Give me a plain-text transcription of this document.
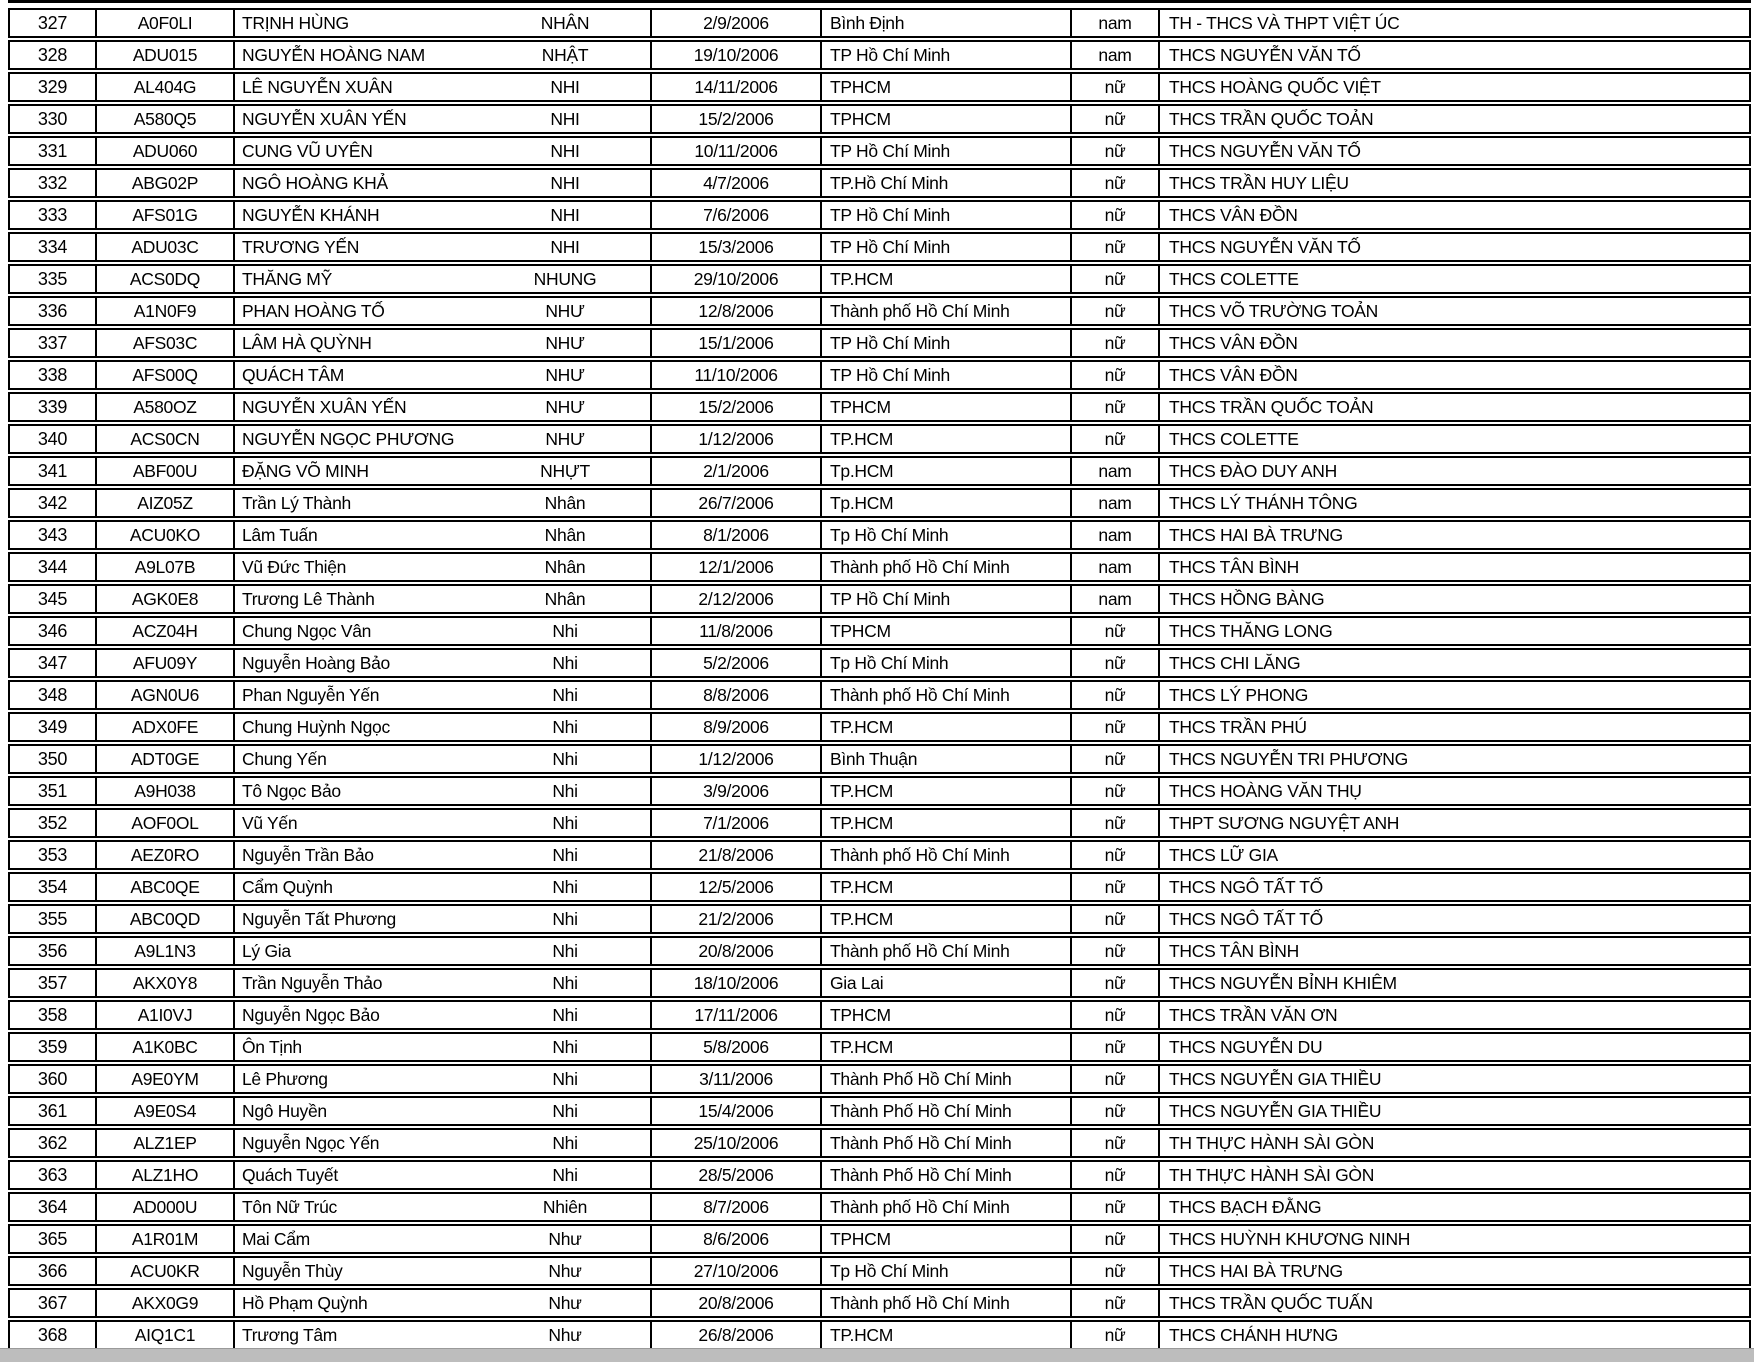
327	A0F0LI	TRỊNH HÙNG	NHÂN	2/9/2006	Bình Định	nam	TH - THCS VÀ THPT VIỆT ÚC
328	ADU015	NGUYỄN HOÀNG NAM	NHẬT	19/10/2006	TP Hồ Chí Minh	nam	THCS NGUYỄN VĂN TỐ
329	AL404G	LÊ NGUYỄN XUÂN	NHI	14/11/2006	TPHCM	nữ	THCS HOÀNG QUỐC VIỆT
330	A580Q5	NGUYỄN XUÂN YẾN	NHI	15/2/2006	TPHCM	nữ	THCS TRẦN QUỐC TOẢN
331	ADU060	CUNG VŨ UYÊN	NHI	10/11/2006	TP Hồ Chí Minh	nữ	THCS NGUYỄN VĂN TỐ
332	ABG02P	NGÔ HOÀNG KHẢ	NHI	4/7/2006	TP.Hồ Chí Minh	nữ	THCS TRẦN HUY LIỆU
333	AFS01G	NGUYỄN KHÁNH	NHI	7/6/2006	TP Hồ Chí Minh	nữ	THCS VÂN ĐỒN
334	ADU03C	TRƯƠNG YẾN	NHI	15/3/2006	TP Hồ Chí Minh	nữ	THCS NGUYỄN VĂN TỐ
335	ACS0DQ	THĂNG MỸ	NHUNG	29/10/2006	TP.HCM	nữ	THCS COLETTE
336	A1N0F9	PHAN HOÀNG TỐ	NHƯ	12/8/2006	Thành phố Hồ Chí Minh	nữ	THCS VÕ TRƯỜNG TOẢN
337	AFS03C	LÂM HÀ QUỲNH	NHƯ	15/1/2006	TP Hồ Chí Minh	nữ	THCS VÂN ĐỒN
338	AFS00Q	QUÁCH TÂM	NHƯ	11/10/2006	TP Hồ Chí Minh	nữ	THCS VÂN ĐỒN
339	A580OZ	NGUYỄN XUÂN YẾN	NHƯ	15/2/2006	TPHCM	nữ	THCS TRẦN QUỐC TOẢN
340	ACS0CN	NGUYỄN NGỌC PHƯƠNG	NHƯ	1/12/2006	TP.HCM	nữ	THCS COLETTE
341	ABF00U	ĐẶNG VÕ MINH	NHỰT	2/1/2006	Tp.HCM	nam	THCS ĐÀO DUY ANH
342	AIZ05Z	Trần Lý Thành	Nhân	26/7/2006	Tp.HCM	nam	THCS LÝ THÁNH TÔNG
343	ACU0KO	Lâm Tuấn	Nhân	8/1/2006	Tp Hồ Chí Minh	nam	THCS HAI BÀ TRƯNG
344	A9L07B	Vũ Đức Thiện	Nhân	12/1/2006	Thành phố Hồ Chí Minh	nam	THCS TÂN BÌNH
345	AGK0E8	Trương Lê Thành	Nhân	2/12/2006	TP Hồ Chí Minh	nam	THCS HỒNG BÀNG
346	ACZ04H	Chung Ngọc Vân	Nhi	11/8/2006	TPHCM	nữ	THCS THĂNG LONG
347	AFU09Y	Nguyễn Hoàng Bảo	Nhi	5/2/2006	Tp Hồ Chí Minh	nữ	THCS CHI LĂNG
348	AGN0U6	Phan Nguyễn Yến	Nhi	8/8/2006	Thành phố Hồ Chí Minh	nữ	THCS LÝ PHONG
349	ADX0FE	Chung Huỳnh Ngọc	Nhi	8/9/2006	TP.HCM	nữ	THCS TRẦN PHÚ
350	ADT0GE	Chung Yến	Nhi	1/12/2006	Bình Thuận	nữ	THCS NGUYỄN TRI PHƯƠNG
351	A9H038	Tô Ngọc Bảo	Nhi	3/9/2006	TP.HCM	nữ	THCS HOÀNG VĂN THỤ
352	AOF0OL	Vũ Yến	Nhi	7/1/2006	TP.HCM	nữ	THPT SƯƠNG NGUYỆT ANH
353	AEZ0RO	Nguyễn Trần Bảo	Nhi	21/8/2006	Thành phố Hồ Chí Minh	nữ	THCS LỮ GIA
354	ABC0QE	Cẩm Quỳnh	Nhi	12/5/2006	TP.HCM	nữ	THCS NGÔ TẤT TỐ
355	ABC0QD	Nguyễn Tất Phương	Nhi	21/2/2006	TP.HCM	nữ	THCS NGÔ TẤT TỐ
356	A9L1N3	Lý Gia	Nhi	20/8/2006	Thành phố Hồ Chí Minh	nữ	THCS TÂN BÌNH
357	AKX0Y8	Trần Nguyễn Thảo	Nhi	18/10/2006	Gia Lai	nữ	THCS NGUYỄN BỈNH KHIÊM
358	A1I0VJ	Nguyễn Ngọc Bảo	Nhi	17/11/2006	TPHCM	nữ	THCS TRẦN VĂN ƠN
359	A1K0BC	Ôn Tịnh	Nhi	5/8/2006	TP.HCM	nữ	THCS NGUYỄN DU
360	A9E0YM	Lê Phương	Nhi	3/11/2006	Thành Phố Hồ Chí Minh	nữ	THCS NGUYỄN GIA THIỀU
361	A9E0S4	Ngô Huyền	Nhi	15/4/2006	Thành Phố Hồ Chí Minh	nữ	THCS NGUYỄN GIA THIỀU
362	ALZ1EP	Nguyễn Ngọc Yến	Nhi	25/10/2006	Thành Phố Hồ Chí Minh	nữ	TH THỰC HÀNH SÀI GÒN
363	ALZ1HO	Quách Tuyết	Nhi	28/5/2006	Thành Phố Hồ Chí Minh	nữ	TH THỰC HÀNH SÀI GÒN
364	AD000U	Tôn Nữ Trúc	Nhiên	8/7/2006	Thành phố Hồ Chí Minh	nữ	THCS BẠCH ĐẰNG
365	A1R01M	Mai Cẩm	Như	8/6/2006	TPHCM	nữ	THCS HUỲNH KHƯƠNG NINH
366	ACU0KR	Nguyễn Thùy	Như	27/10/2006	Tp Hồ Chí Minh	nữ	THCS HAI BÀ TRƯNG
367	AKX0G9	Hồ Phạm Quỳnh	Như	20/8/2006	Thành phố Hồ Chí Minh	nữ	THCS TRẦN QUỐC TUẤN
368	AIQ1C1	Trương Tâm	Như	26/8/2006	TP.HCM	nữ	THCS CHÁNH HƯNG
